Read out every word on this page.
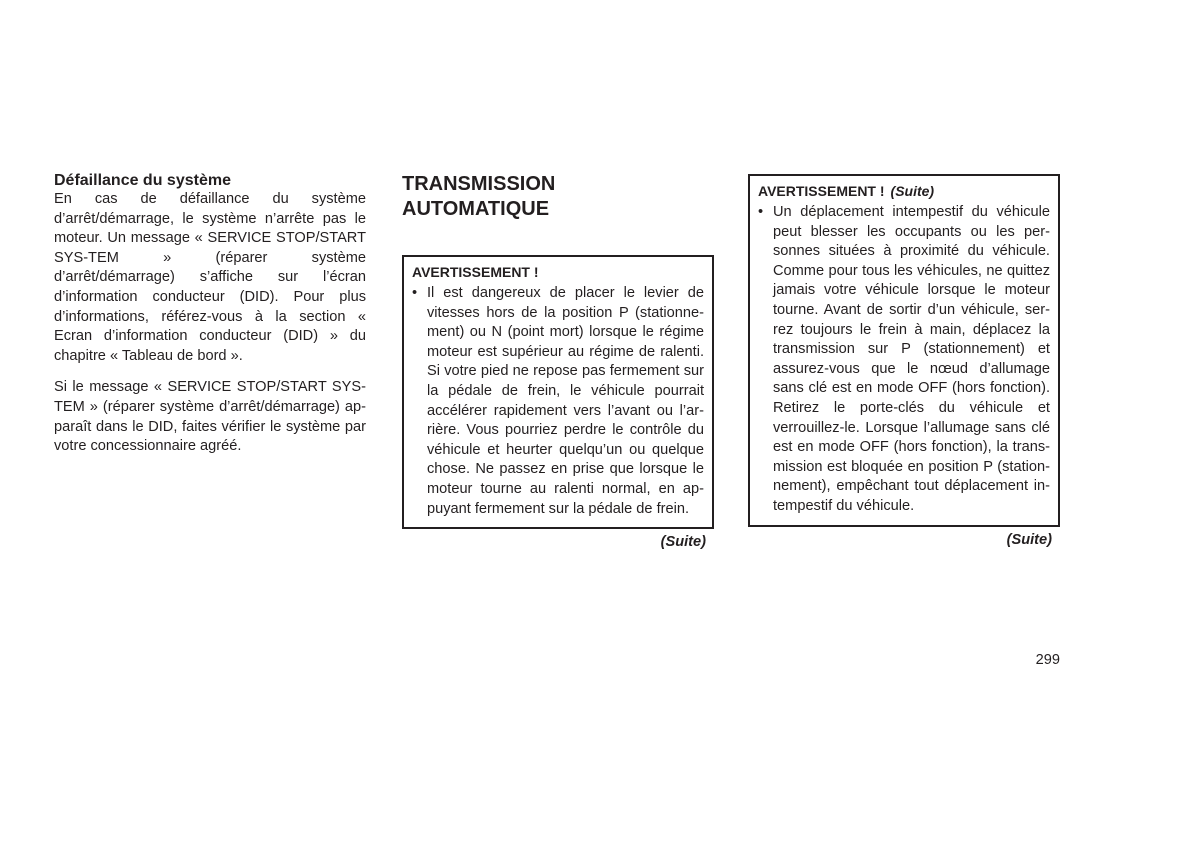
Défaillance du système

En cas de défaillance du système d’arrêt/démarrage, le système n’arrête pas le moteur. Un message « SERVICE STOP/START SYS-TEM » (réparer système d’arrêt/démarrage) s’affiche sur l’écran d’information conducteur (DID). Pour plus d’informations, référez-vous à la section « Ecran d’information conducteur (DID) » du chapitre « Tableau de bord ».

Si le message « SERVICE STOP/START SYS-TEM » (réparer système d’arrêt/démarrage) ap-paraît dans le DID, faites vérifier le système par votre concessionnaire agréé.

TRANSMISSION
AUTOMATIQUE
AVERTISSEMENT !

• Il est dangereux de placer le levier de vitesses hors de la position P (stationne-ment) ou N (point mort) lorsque le régime moteur est supérieur au régime de ralenti. Si votre pied ne repose pas fermement sur la pédale de frein, le véhicule pourrait accélérer rapidement vers l’avant ou l’ar-rière. Vous pourriez perdre le contrôle du véhicule et heurter quelqu’un ou quelque chose. Ne passez en prise que lorsque le moteur tourne au ralenti normal, en ap-puyant fermement sur la pédale de frein.

(Suite)
AVERTISSEMENT ! (Suite)

• Un déplacement intempestif du véhicule peut blesser les occupants ou les per-sonnes situées à proximité du véhicule. Comme pour tous les véhicules, ne quittez jamais votre véhicule lorsque le moteur tourne. Avant de sortir d’un véhicule, ser-rez toujours le frein à main, déplacez la transmission sur P (stationnement) et assurez-vous que le nœud d’allumage sans clé est en mode OFF (hors fonction). Retirez le porte-clés du véhicule et verrouillez-le. Lorsque l’allumage sans clé est en mode OFF (hors fonction), la trans-mission est bloquée en position P (station-nement), empêchant tout déplacement in-tempestif du véhicule.

(Suite)
299
